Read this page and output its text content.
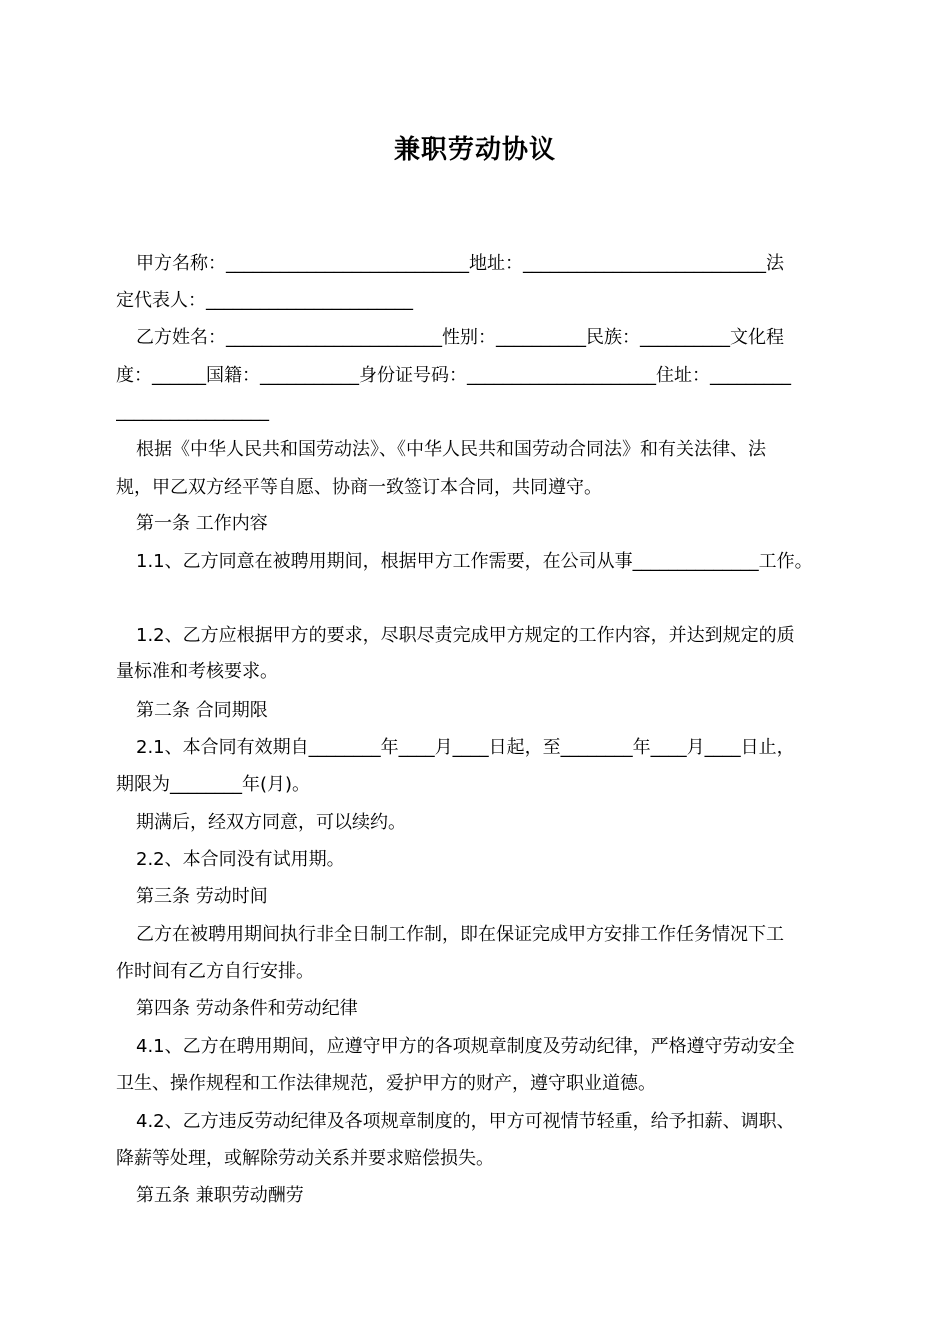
兼职劳动协议
甲方名称：___________________________地址：___________________________法
定代表人：_______________________
乙方姓名：________________________性别：__________民族：__________文化程
度：______国籍：___________身份证号码：_____________________住址：_________
_________________
根据《中华人民共和国劳动法》、《中华人民共和国劳动合同法》和有关法律、法
规，甲乙双方经平等自愿、协商一致签订本合同，共同遵守。
第一条 工作内容
1.1、乙方同意在被聘用期间，根据甲方工作需要，在公司从事______________工作。
1.2、乙方应根据甲方的要求，尽职尽责完成甲方规定的工作内容，并达到规定的质
量标准和考核要求。
第二条 合同期限
2.1、本合同有效期自________年____月____日起，至________年____月____日止，
期限为________年(月)。
期满后，经双方同意，可以续约。
2.2、本合同没有试用期。
第三条 劳动时间
乙方在被聘用期间执行非全日制工作制，即在保证完成甲方安排工作任务情况下工
作时间有乙方自行安排。
第四条 劳动条件和劳动纪律
4.1、乙方在聘用期间，应遵守甲方的各项规章制度及劳动纪律，严格遵守劳动安全
卫生、操作规程和工作法律规范，爱护甲方的财产，遵守职业道德。
4.2、乙方违反劳动纪律及各项规章制度的，甲方可视情节轻重，给予扣薪、调职、
降薪等处理，或解除劳动关系并要求赔偿损失。
第五条 兼职劳动酬劳
